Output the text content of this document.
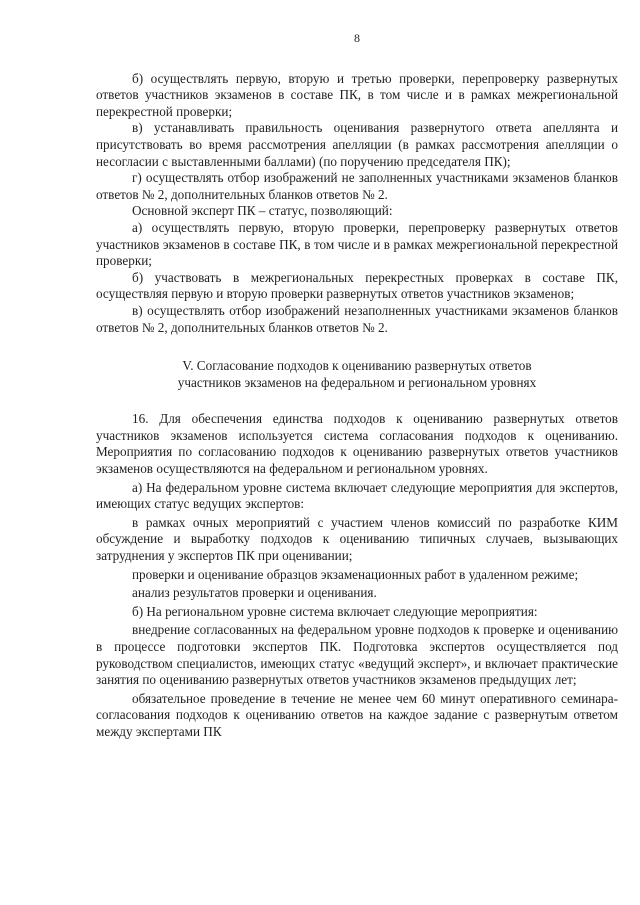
8

б) осуществлять первую, вторую и третью проверки, перепроверку развернутых ответов участников экзаменов в составе ПК, в том числе и в рамках межрегиональной перекрестной проверки;

в) устанавливать правильность оценивания развернутого ответа апеллянта и присутствовать во время рассмотрения апелляции (в рамках рассмотрения апелляции о несогласии с выставленными баллами) (по поручению председателя ПК);

г) осуществлять отбор изображений не заполненных участниками экзаменов бланков ответов № 2, дополнительных бланков ответов № 2.

Основной эксперт ПК – статус, позволяющий:

а) осуществлять первую, вторую проверки, перепроверку развернутых ответов участников экзаменов в составе ПК, в том числе и в рамках межрегиональной перекрестной проверки;

б) участвовать в межрегиональных перекрестных проверках в составе ПК, осуществляя первую и вторую проверки развернутых ответов участников экзаменов;

в) осуществлять отбор изображений незаполненных участниками экзаменов бланков ответов № 2, дополнительных бланков ответов № 2.

V. Согласование подходов к оцениванию развернутых ответов
участников экзаменов на федеральном и региональном уровнях

16. Для обеспечения единства подходов к оцениванию развернутых ответов участников экзаменов используется система согласования подходов к оцениванию. Мероприятия по согласованию подходов к оцениванию развернутых ответов участников экзаменов осуществляются на федеральном и региональном уровнях.

а) На федеральном уровне система включает следующие мероприятия для экспертов, имеющих статус ведущих экспертов:

в рамках очных мероприятий с участием членов комиссий по разработке КИМ обсуждение и выработку подходов к оцениванию типичных случаев, вызывающих затруднения у экспертов ПК при оценивании;

проверки и оценивание образцов экзаменационных работ в удаленном режиме;

анализ результатов проверки и оценивания.

б) На региональном уровне система включает следующие мероприятия:

внедрение согласованных на федеральном уровне подходов к проверке и оцениванию в процессе подготовки экспертов ПК. Подготовка экспертов осуществляется под руководством специалистов, имеющих статус «ведущий эксперт», и включает практические занятия по оцениванию развернутых ответов участников экзаменов предыдущих лет;

обязательное проведение в течение не менее чем 60 минут оперативного семинара-согласования подходов к оцениванию ответов на каждое задание с развернутым ответом между экспертами ПК
